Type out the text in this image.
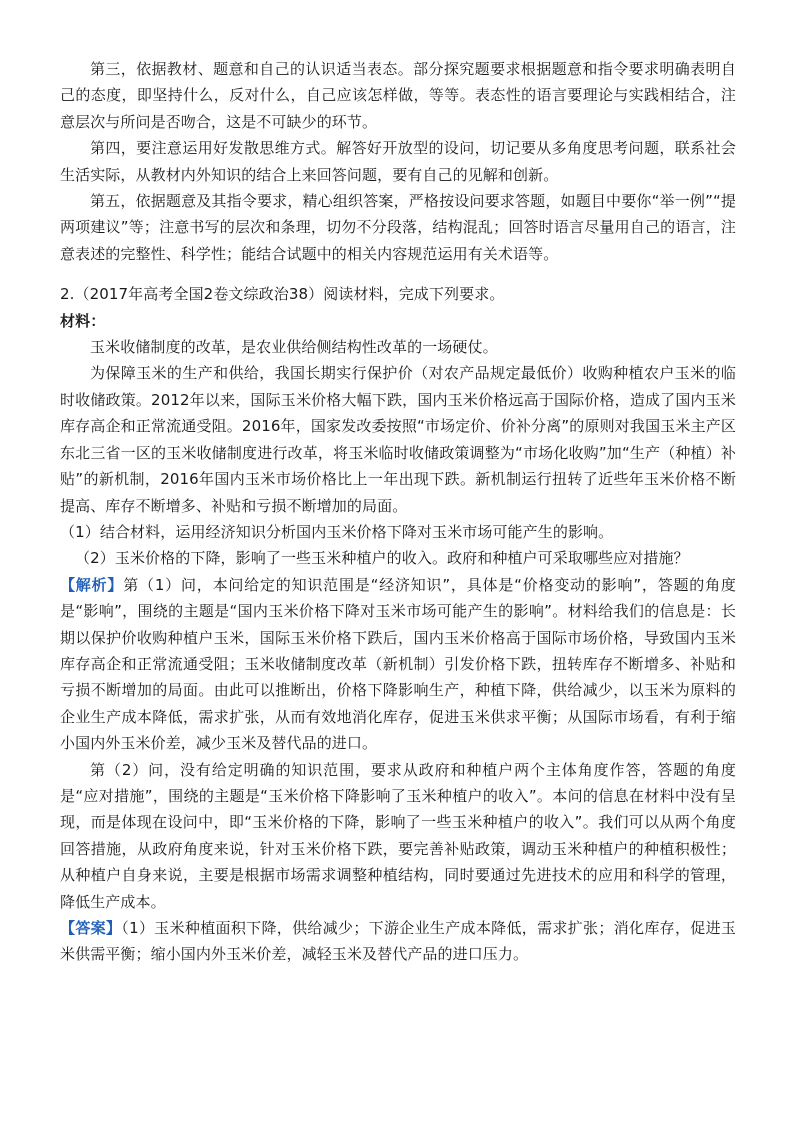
第三，依据教材、题意和自己的认识适当表态。部分探究题要求根据题意和指令要求明确表明自己的态度，即坚持什么，反对什么，自己应该怎样做，等等。表态性的语言要理论与实践相结合，注意层次与所问是否吻合，这是不可缺少的环节。

第四，要注意运用好发散思维方式。解答好开放型的设问，切记要从多角度思考问题，联系社会生活实际，从教材内外知识的结合上来回答问题，要有自己的见解和创新。

第五，依据题意及其指令要求，精心组织答案，严格按设问要求答题，如题目中要你“举一例”“提两项建议”等；注意书写的层次和条理，切勿不分段落，结构混乱；回答时语言尽量用自己的语言，注意表述的完整性、科学性；能结合试题中的相关内容规范运用有关术语等。

2.（2017年高考全国2卷文综政治38）阅读材料，完成下列要求。

材料：

玉米收储制度的改革，是农业供给侧结构性改革的一场硬仗。

为保障玉米的生产和供给，我国长期实行保护价（对农产品规定最低价）收购种植农户玉米的临时收储政策。2012年以来，国际玉米价格大幅下跌，国内玉米价格远高于国际价格，造成了国内玉米库存高企和正常流通受阻。2016年，国家发改委按照“市场定价、价补分离”的原则对我国玉米主产区东北三省一区的玉米收储制度进行改革，将玉米临时收储政策调整为“市场化收购”加“生产（种植）补贴”的新机制，2016年国内玉米市场价格比上一年出现下跌。新机制运行扭转了近些年玉米价格不断提高、库存不断增多、补贴和亏损不断增加的局面。

（1）结合材料，运用经济知识分析国内玉米价格下降对玉米市场可能产生的影响。

（2）玉米价格的下降，影响了一些玉米种植户的收入。政府和种植户可采取哪些应对措施？

【解析】第（1）问，本问给定的知识范围是“经济知识”，具体是“价格变动的影响”，答题的角度是“影响”，围绕的主题是“国内玉米价格下降对玉米市场可能产生的影响”。材料给我们的信息是：长期以保护价收购种植户玉米，国际玉米价格下跌后，国内玉米价格高于国际市场价格，导致国内玉米库存高企和正常流通受阻；玉米收储制度改革（新机制）引发价格下跌，扭转库存不断增多、补贴和亏损不断增加的局面。由此可以推断出，价格下降影响生产，种植下降，供给减少，以玉米为原料的企业生产成本降低，需求扩张，从而有效地消化库存，促进玉米供求平衡；从国际市场看，有利于缩小国内外玉米价差，减少玉米及替代品的进口。

第（2）问，没有给定明确的知识范围，要求从政府和种植户两个主体角度作答，答题的角度是“应对措施”，围绕的主题是“玉米价格下降影响了玉米种植户的收入”。本问的信息在材料中没有呈现，而是体现在设问中，即“玉米价格的下降，影响了一些玉米种植户的收入”。我们可以从两个角度回答措施，从政府角度来说，针对玉米价格下跌，要完善补贴政策，调动玉米种植户的种植积极性；从种植户自身来说，主要是根据市场需求调整种植结构，同时要通过先进技术的应用和科学的管理，降低生产成本。

【答案】（1）玉米种植面积下降，供给减少；下游企业生产成本降低，需求扩张；消化库存，促进玉米供需平衡；缩小国内外玉米价差，减轻玉米及替代产品的进口压力。
